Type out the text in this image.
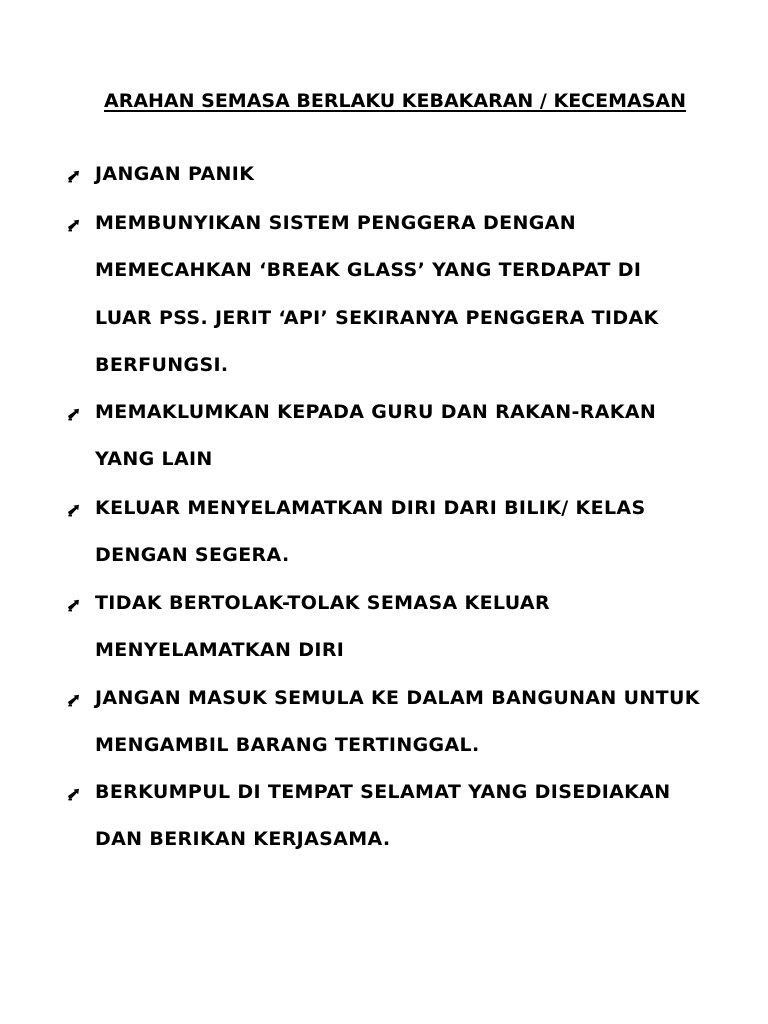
ARAHAN SEMASA BERLAKU KEBAKARAN / KECEMASAN
JANGAN PANIK
MEMBUNYIKAN SISTEM PENGGERA DENGAN
MEMECAHKAN ‘BREAK GLASS’ YANG TERDAPAT DI
LUAR PSS. JERIT ‘API’ SEKIRANYA PENGGERA TIDAK
BERFUNGSI.
MEMAKLUMKAN KEPADA GURU DAN RAKAN-RAKAN
YANG LAIN
KELUAR MENYELAMATKAN DIRI DARI BILIK/ KELAS
DENGAN SEGERA.
TIDAK BERTOLAK-TOLAK SEMASA KELUAR
MENYELAMATKAN DIRI
JANGAN MASUK SEMULA KE DALAM BANGUNAN UNTUK
MENGAMBIL BARANG TERTINGGAL.
BERKUMPUL DI TEMPAT SELAMAT YANG DISEDIAKAN
DAN BERIKAN KERJASAMA.
